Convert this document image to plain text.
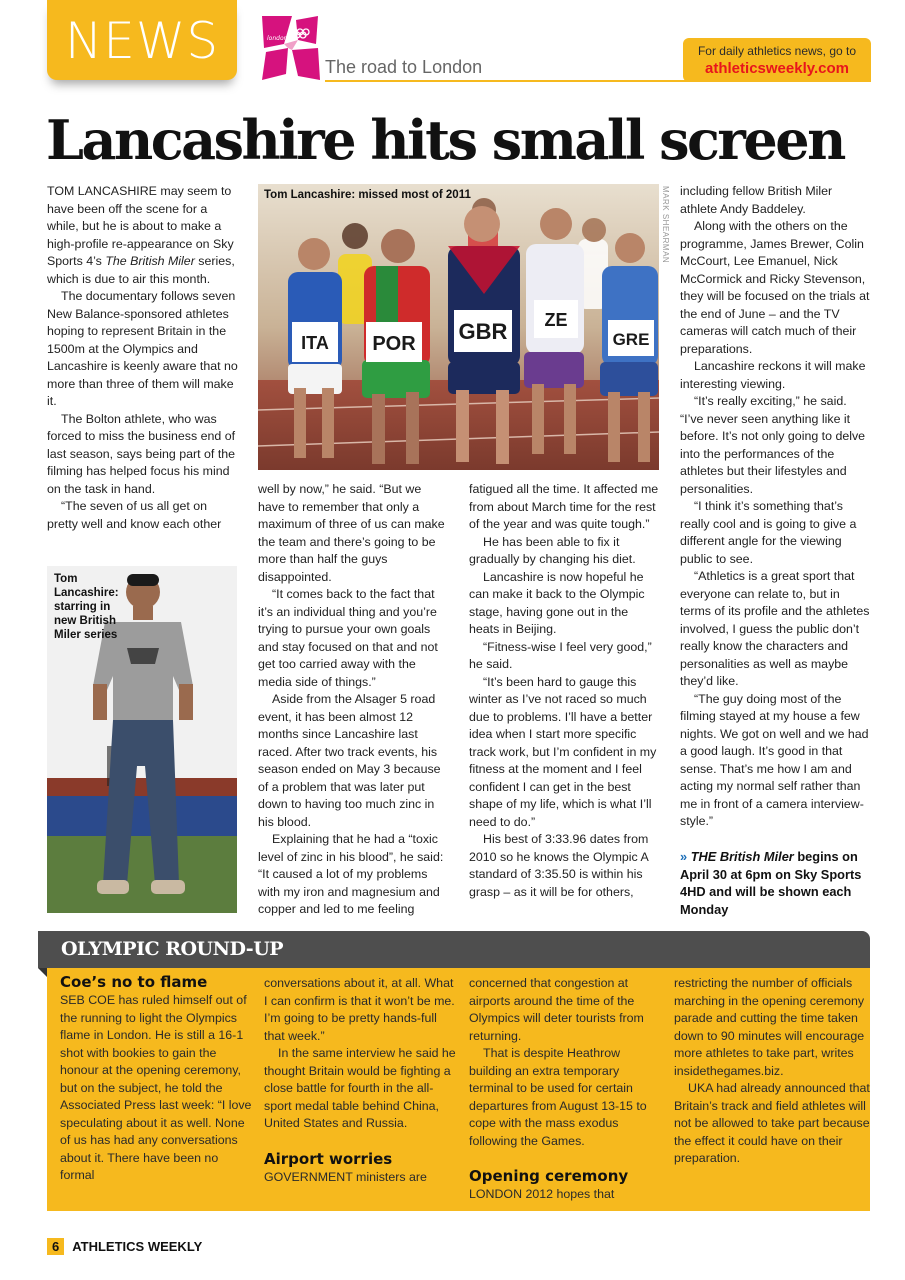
NEWS	london
The road to London
For daily athletics news, go to
athleticsweekly.com
Lancashire hits small screen

TOM LANCASHIRE may seem to have been off the scene for a while, but he is about to make a high-profile re-appearance on Sky Sports 4’s The British Miler series, which is due to air this month.

The documentary follows seven New Balance-sponsored athletes hoping to represent Britain in the 1500m at the Olympics and Lancashire is keenly aware that no more than three of them will make it.

The Bolton athlete, who was forced to miss the business end of last season, says being part of the filming has helped focus his mind on the task in hand.

“The seven of us all get on pretty well and know each other

ITA POR GBR ZE
GRE
Tom Lancashire: missed most of 2011	MARK SHEARMAN
Tom Lancashire: starring in new British Miler series

well by now,” he said. “But we have to remember that only a maximum of three of us can make the team and there’s going to be more than half the guys disappointed.

“It comes back to the fact that it’s an individual thing and you’re trying to pursue your own goals and stay focused on that and not get too carried away with the media side of things.”

Aside from the Alsager 5 road event, it has been almost 12 months since Lancashire last raced. After two track events, his season ended on May 3 because of a problem that was later put down to having too much zinc in his blood.

Explaining that he had a “toxic level of zinc in his blood”, he said: “It caused a lot of my problems with my iron and magnesium and copper and led to me feeling

fatigued all the time. It affected me from about March time for the rest of the year and was quite tough.”

He has been able to fix it gradually by changing his diet.

Lancashire is now hopeful he can make it back to the Olympic stage, having gone out in the heats in Beijing.

“Fitness-wise I feel very good,” he said.

“It’s been hard to gauge this winter as I’ve not raced so much due to problems. I’ll have a better idea when I start more specific track work, but I’m confident in my fitness at the moment and I feel confident I can get in the best shape of my life, which is what I’ll need to do.”

His best of 3:33.96 dates from 2010 so he knows the Olympic A standard of 3:35.50 is within his grasp – as it will be for others,

including fellow British Miler athlete Andy Baddeley.

Along with the others on the programme, James Brewer, Colin McCourt, Lee Emanuel, Nick McCormick and Ricky Stevenson, they will be focused on the trials at the end of June – and the TV cameras will catch much of their preparations.

Lancashire reckons it will make interesting viewing.

“It’s really exciting,” he said. “I’ve never seen anything like it before. It’s not only going to delve into the performances of the athletes but their lifestyles and personalities.

“I think it’s something that’s really cool and is going to give a different angle for the viewing public to see.

“Athletics is a great sport that everyone can relate to, but in terms of its profile and the athletes involved, I guess the public don’t really know the characters and personalities as well as maybe they’d like.

“The guy doing most of the filming stayed at my house a few nights. We got on well and we had a good laugh. It’s good in that sense. That’s me how I am and acting my normal self rather than me in front of a camera interview-style.”

» THE British Miler begins on April 30 at 6pm on Sky Sports 4HD and will be shown each Monday
OLYMPIC ROUND-UP
Coe’s no to flame

SEB COE has ruled himself out of the running to light the Olympics flame in London. He is still a 16-1 shot with bookies to gain the honour at the opening ceremony, but on the subject, he told the Associated Press last week: “I love speculating about it as well. None of us has had any conversations about it. There have been no formal

conversations about it, at all. What I can confirm is that it won’t be me. I’m going to be pretty hands-full that week.”

In the same interview he said he thought Britain would be fighting a close battle for fourth in the all-sport medal table behind China, United States and Russia.

Airport worries

GOVERNMENT ministers are

concerned that congestion at airports around the time of the Olympics will deter tourists from returning.

That is despite Heathrow building an extra temporary terminal to be used for certain departures from August 13-15 to cope with the mass exodus following the Games.

Opening ceremony

LONDON 2012 hopes that

restricting the number of officials marching in the opening ceremony parade and cutting the time taken down to 90 minutes will encourage more athletes to take part, writes insidethegames.biz.

UKA had already announced that Britain’s track and field athletes will not be allowed to take part because the effect it could have on their preparation.

6	ATHLETICS WEEKLY
